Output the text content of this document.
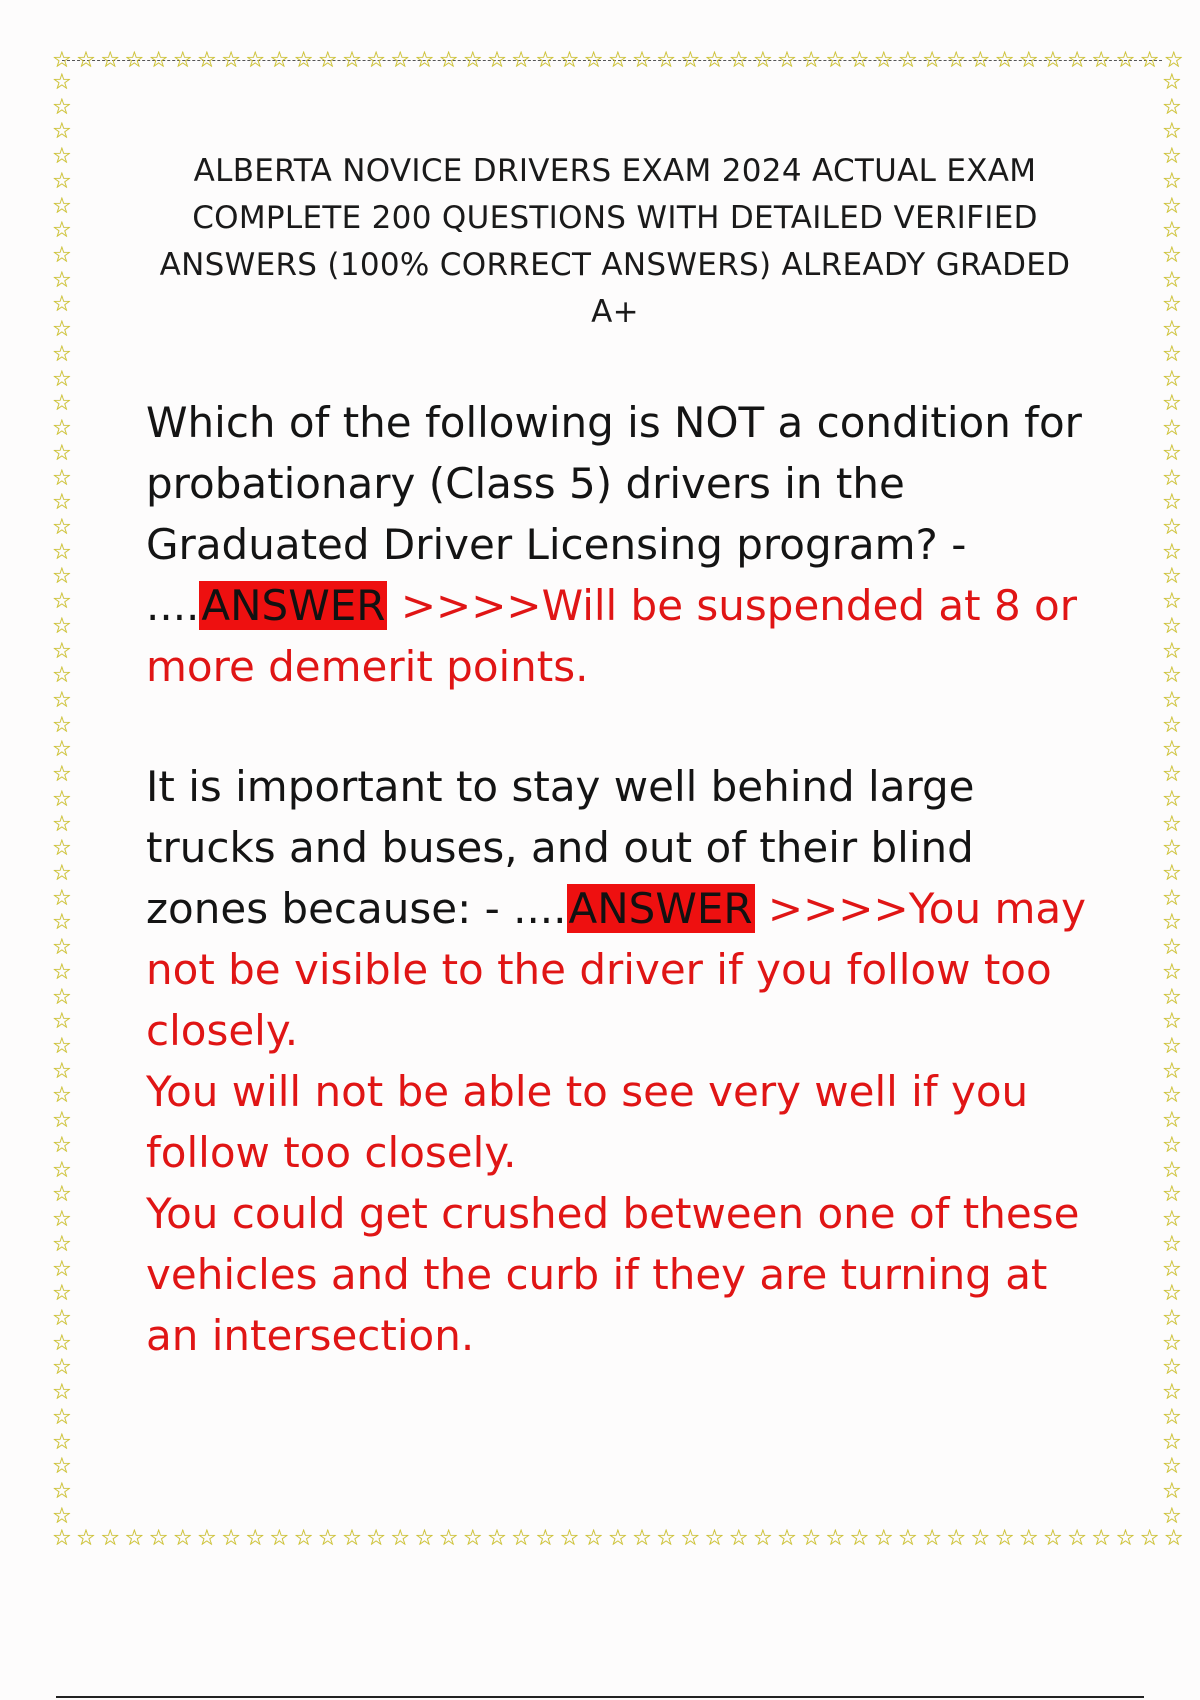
☆ ☆ ☆ ☆ ☆ ☆ ☆ ☆ ☆ ☆ ☆ ☆ ☆ ☆ ☆ ☆ ☆ ☆ ☆ ☆ ☆ ☆ ☆ ☆ ☆ ☆ ☆ ☆ ☆ ☆ ☆ ☆ ☆ ☆ ☆ ☆ ☆ ☆ ☆ ☆ ☆ ☆ ☆ ☆ ☆ ☆ ☆
☆ ☆ ☆ ☆ ☆ ☆ ☆ ☆ ☆ ☆ ☆ ☆ ☆ ☆ ☆ ☆ ☆ ☆ ☆ ☆ ☆ ☆ ☆ ☆ ☆ ☆ ☆ ☆ ☆ ☆ ☆ ☆ ☆ ☆ ☆ ☆ ☆ ☆ ☆ ☆ ☆ ☆ ☆ ☆ ☆ ☆ ☆
☆
☆
☆
☆
☆
☆
☆
☆
☆
☆
☆
☆
☆
☆
☆
☆
☆
☆
☆
☆
☆
☆
☆
☆
☆
☆
☆
☆
☆
☆
☆
☆
☆
☆
☆
☆
☆
☆
☆
☆
☆
☆
☆
☆
☆
☆
☆
☆
☆
☆
☆
☆
☆
☆
☆
☆
☆
☆
☆
☆
☆
☆
☆
☆
☆
☆
☆
☆
☆
☆
☆
☆
☆
☆
☆
☆
☆
☆
☆
☆
☆
☆
☆
☆
☆
☆
☆
☆
☆
☆
☆
☆
☆
☆
☆
☆
☆
☆
☆
☆
☆
☆
☆
☆
☆
☆
☆
☆
☆
☆
☆
☆
☆
☆
☆
☆
☆
☆
ALBERTA NOVICE DRIVERS EXAM 2024 ACTUAL EXAM COMPLETE 200 QUESTIONS WITH DETAILED VERIFIED ANSWERS (100% CORRECT ANSWERS) ALREADY GRADED A+
Which of the following is NOT a condition for probationary (Class 5) drivers in the Graduated Driver Licensing program? - ....ANSWER >>>>Will be suspended at 8 or more demerit points.
It is important to stay well behind large trucks and buses, and out of their blind zones because: - ....ANSWER >>>>You may not be visible to the driver if you follow too closely.
You will not be able to see very well if you follow too closely.
You could get crushed between one of these vehicles and the curb if they are turning at an intersection.
